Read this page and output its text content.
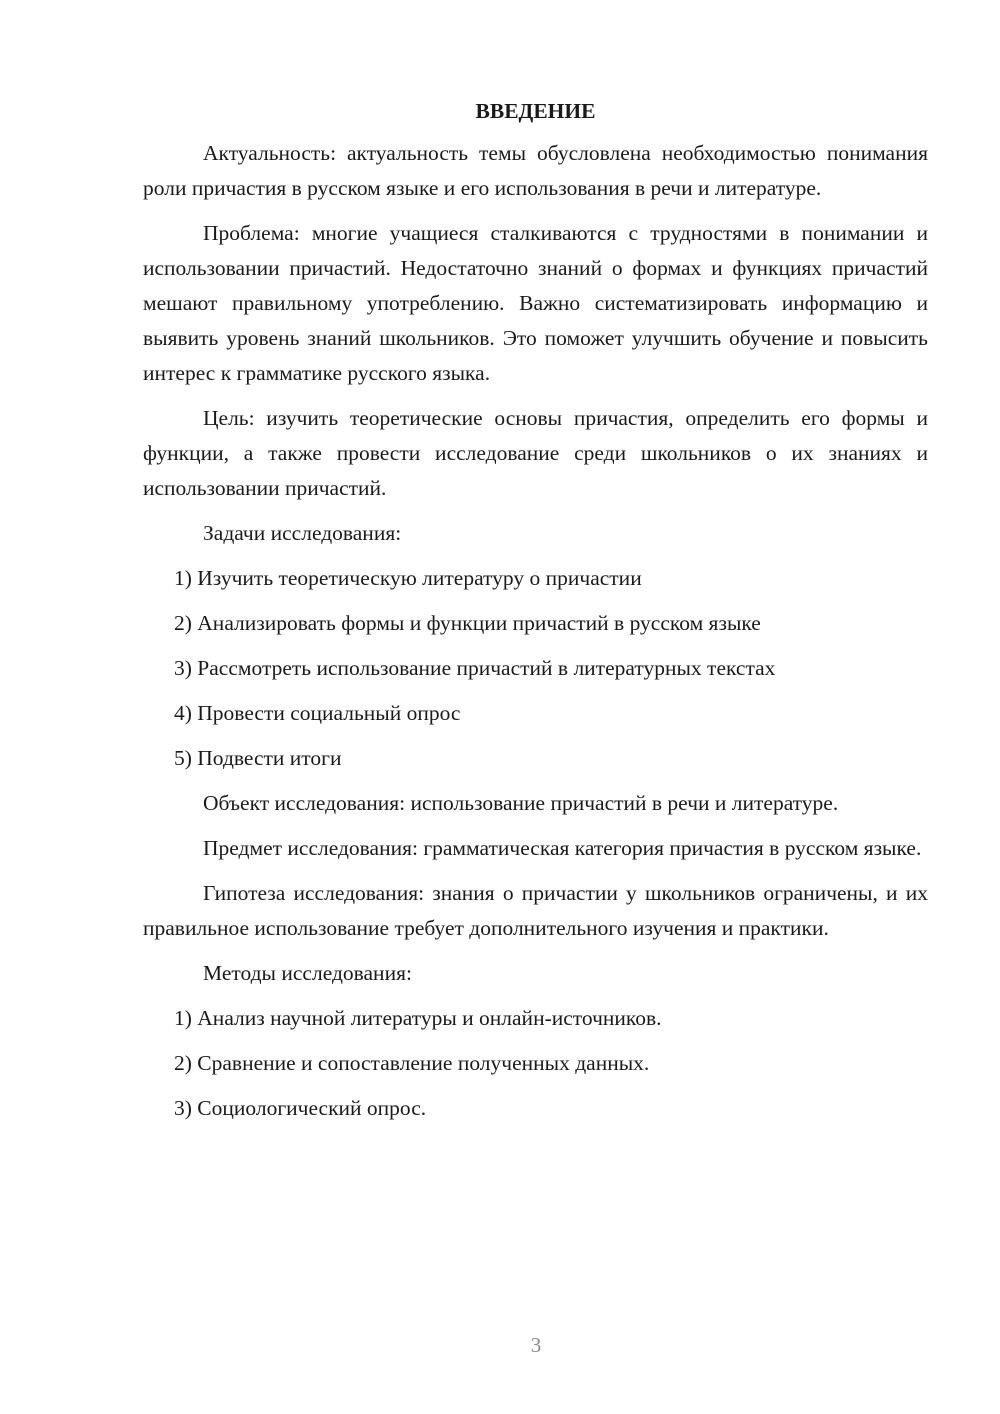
ВВЕДЕНИЕ

Актуальность: актуальность темы обусловлена необходимостью понимания роли причастия в русском языке и его использования в речи и литературе.

Проблема: многие учащиеся сталкиваются с трудностями в понимании и использовании причастий. Недостаточно знаний о формах и функциях причастий мешают правильному употреблению. Важно систематизировать информацию и выявить уровень знаний школьников. Это поможет улучшить обучение и повысить интерес к грамматике русского языка.

Цель: изучить теоретические основы причастия, определить его формы и функции, а также провести исследование среди школьников о их знаниях и использовании причастий.

Задачи исследования:

1) Изучить теоретическую литературу о причастии

2) Анализировать формы и функции причастий в русском языке

3) Рассмотреть использование причастий в литературных текстах

4) Провести социальный опрос

5) Подвести итоги

Объект исследования: использование причастий в речи и литературе.

Предмет исследования: грамматическая категория причастия в русском языке.

Гипотеза исследования: знания о причастии у школьников ограничены, и их правильное использование требует дополнительного изучения и практики.

Методы исследования:

1) Анализ научной литературы и онлайн-источников.

2) Сравнение и сопоставление полученных данных.

3) Социологический опрос.

3
